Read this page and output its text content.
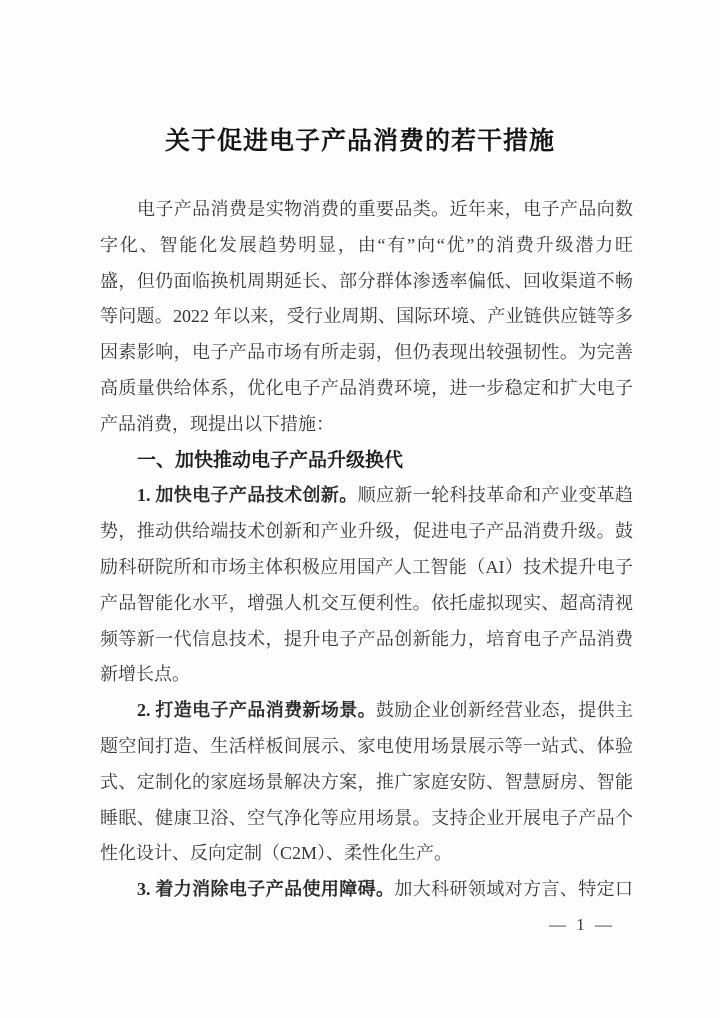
关于促进电子产品消费的若干措施
电子产品消费是实物消费的重要品类。近年来，电子产品向数
字化、智能化发展趋势明显，由“有”向“优”的消费升级潜力旺
盛，但仍面临换机周期延长、部分群体渗透率偏低、回收渠道不畅
等问题。2022 年以来，受行业周期、国际环境、产业链供应链等多
因素影响，电子产品市场有所走弱，但仍表现出较强韧性。为完善
高质量供给体系，优化电子产品消费环境，进一步稳定和扩大电子
产品消费，现提出以下措施：
一、加快推动电子产品升级换代
1. 加快电子产品技术创新。顺应新一轮科技革命和产业变革趋
势，推动供给端技术创新和产业升级，促进电子产品消费升级。鼓
励科研院所和市场主体积极应用国产人工智能（AI）技术提升电子
产品智能化水平，增强人机交互便利性。依托虚拟现实、超高清视
频等新一代信息技术，提升电子产品创新能力，培育电子产品消费
新增长点。
2. 打造电子产品消费新场景。鼓励企业创新经营业态，提供主
题空间打造、生活样板间展示、家电使用场景展示等一站式、体验
式、定制化的家庭场景解决方案，推广家庭安防、智慧厨房、智能
睡眠、健康卫浴、空气净化等应用场景。支持企业开展电子产品个
性化设计、反向定制（C2M）、柔性化生产。
3. 着力消除电子产品使用障碍。加大科研领域对方言、特定口
— 1 —
